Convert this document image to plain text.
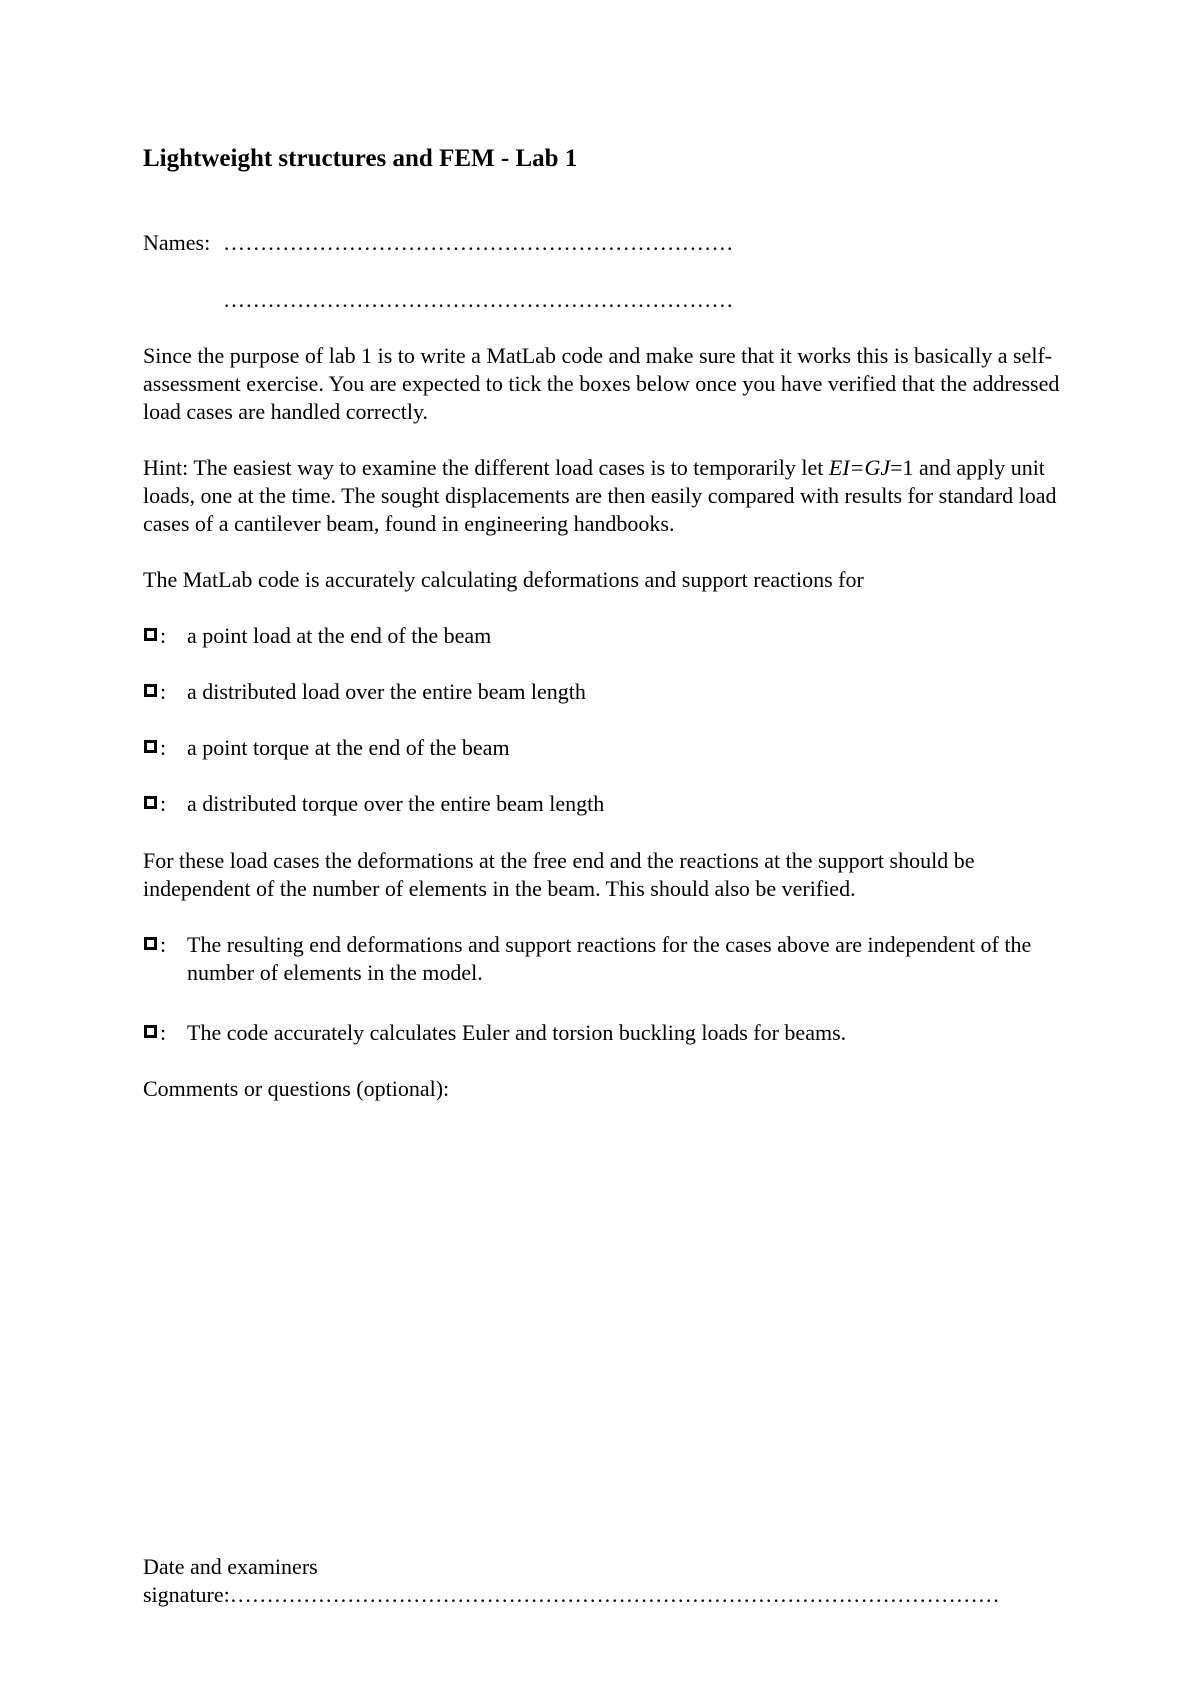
Lightweight structures and FEM - Lab 1
Names: ……………………………………………………………
……………………………………………………………
Since the purpose of lab 1 is to write a MatLab code and make sure that it works this is basically a self-assessment exercise. You are expected to tick the boxes below once you have verified that the addressed load cases are handled correctly.
Hint: The easiest way to examine the different load cases is to temporarily let EI=GJ=1 and apply unit loads, one at the time. The sought displacements are then easily compared with results for standard load cases of a cantilever beam, found in engineering handbooks.
The MatLab code is accurately calculating deformations and support reactions for
: a point load at the end of the beam
: a distributed load over the entire beam length
: a point torque at the end of the beam
: a distributed torque over the entire beam length
For these load cases the deformations at the free end and the reactions at the support should be independent of the number of elements in the beam. This should also be verified.
: The resulting end deformations and support reactions for the cases above are independent of the number of elements in the model.
: The code accurately calculates Euler and torsion buckling loads for beams.
Comments or questions (optional):
Date and examiners
signature:……………………………………………………………………………………………
